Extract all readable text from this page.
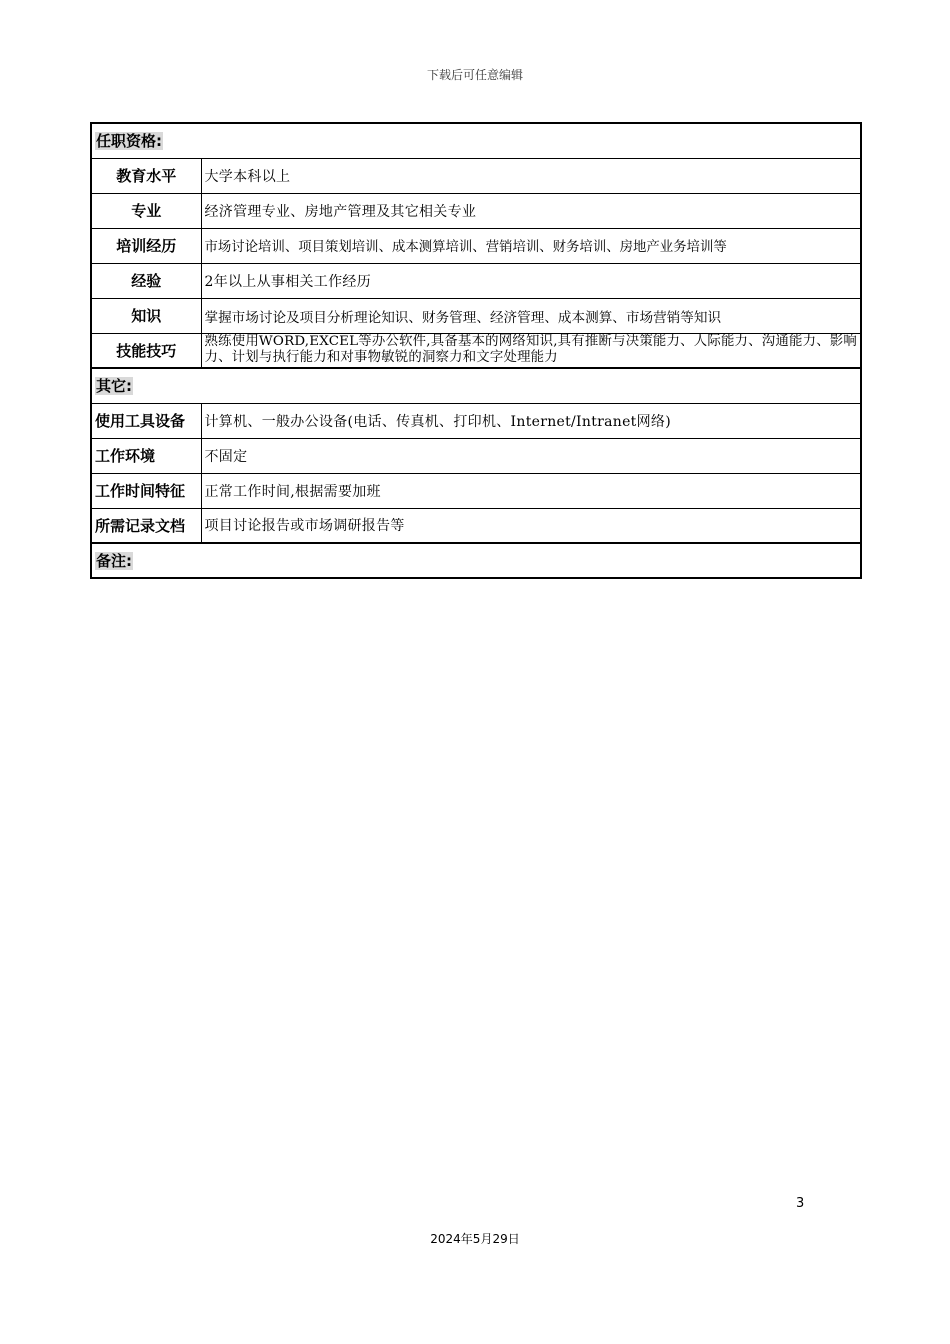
下载后可任意编辑
任职资格:	
教育水平	大学本科以上
专业	经济管理专业、房地产管理及其它相关专业
培训经历	市场讨论培训、项目策划培训、成本测算培训、营销培训、财务培训、房地产业务培训等
经验	2年以上从事相关工作经历
知识	掌握市场讨论及项目分析理论知识、财务管理、经济管理、成本测算、市场营销等知识
技能技巧	熟练使用WORD,EXCEL等办公软件,具备基本的网络知识,具有推断与决策能力、人际能力、沟通能力、影响力、计划与执行能力和对事物敏锐的洞察力和文字处理能力
其它:	
使用工具设备	计算机、一般办公设备(电话、传真机、打印机、Internet/Intranet网络)
工作环境	不固定
工作时间特征	正常工作时间,根据需要加班
所需记录文档	项目讨论报告或市场调研报告等
备注:	
3
2024年5月29日
